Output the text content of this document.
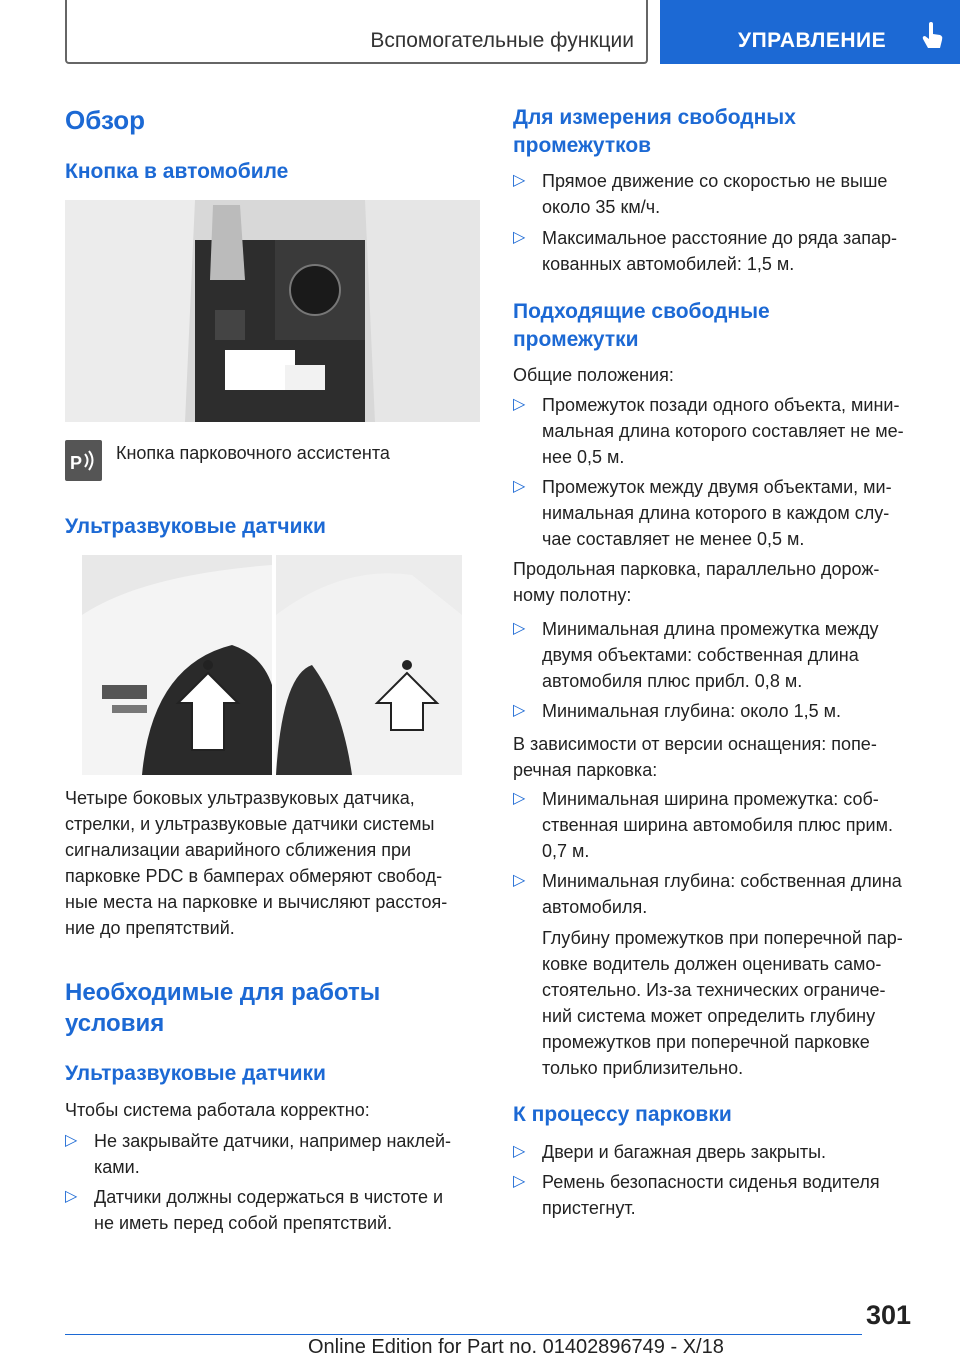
Вспомогательные функции	УПРАВЛЕНИЕ
Обзор
Кнопка в автомобиле
P Кнопка парковочного ассистента
Ультразвуковые датчики
Четыре боковых ультразвуковых датчика,
стрелки, и ультразвуковые датчики системы
сигнализации аварийного сближения при
парковке PDC в бамперах обмеряют свобод-
ные места на парковке и вычисляют расстоя-
ние до препятствий.
Необходимые для работы
условия
Ультразвуковые датчики
Чтобы система работала корректно:
▷ Не закрывайте датчики, например наклей-
ками.
▷ Датчики должны содержаться в чистоте и
не иметь перед собой препятствий.
Для измерения свободных
промежутков
▷ Прямое движение со скоростью не выше
около 35 км/ч.
▷ Максимальное расстояние до ряда запар-
кованных автомобилей: 1,5 м.
Подходящие свободные
промежутки
Общие положения:
▷ Промежуток позади одного объекта, мини-
мальная длина которого составляет не ме-
нее 0,5 м.
▷ Промежуток между двумя объектами, ми-
нимальная длина которого в каждом слу-
чае составляет не менее 0,5 м.
Продольная парковка, параллельно дорож-
ному полотну:
▷ Минимальная длина промежутка между
двумя объектами: собственная длина
автомобиля плюс прибл. 0,8 м.
▷ Минимальная глубина: около 1,5 м.
В зависимости от версии оснащения: попе-
речная парковка:
▷ Минимальная ширина промежутка: соб-
ственная ширина автомобиля плюс прим.
0,7 м.
▷ Минимальная глубина: собственная длина
автомобиля.
Глубину промежутков при поперечной пар-
ковке водитель должен оценивать само-
стоятельно. Из-за технических ограниче-
ний система может определить глубину
промежутков при поперечной парковке
только приблизительно.
К процессу парковки
▷ Двери и багажная дверь закрыты.
▷ Ремень безопасности сиденья водителя
пристегнут.
301
Online Edition for Part no. 01402896749 - X/18
